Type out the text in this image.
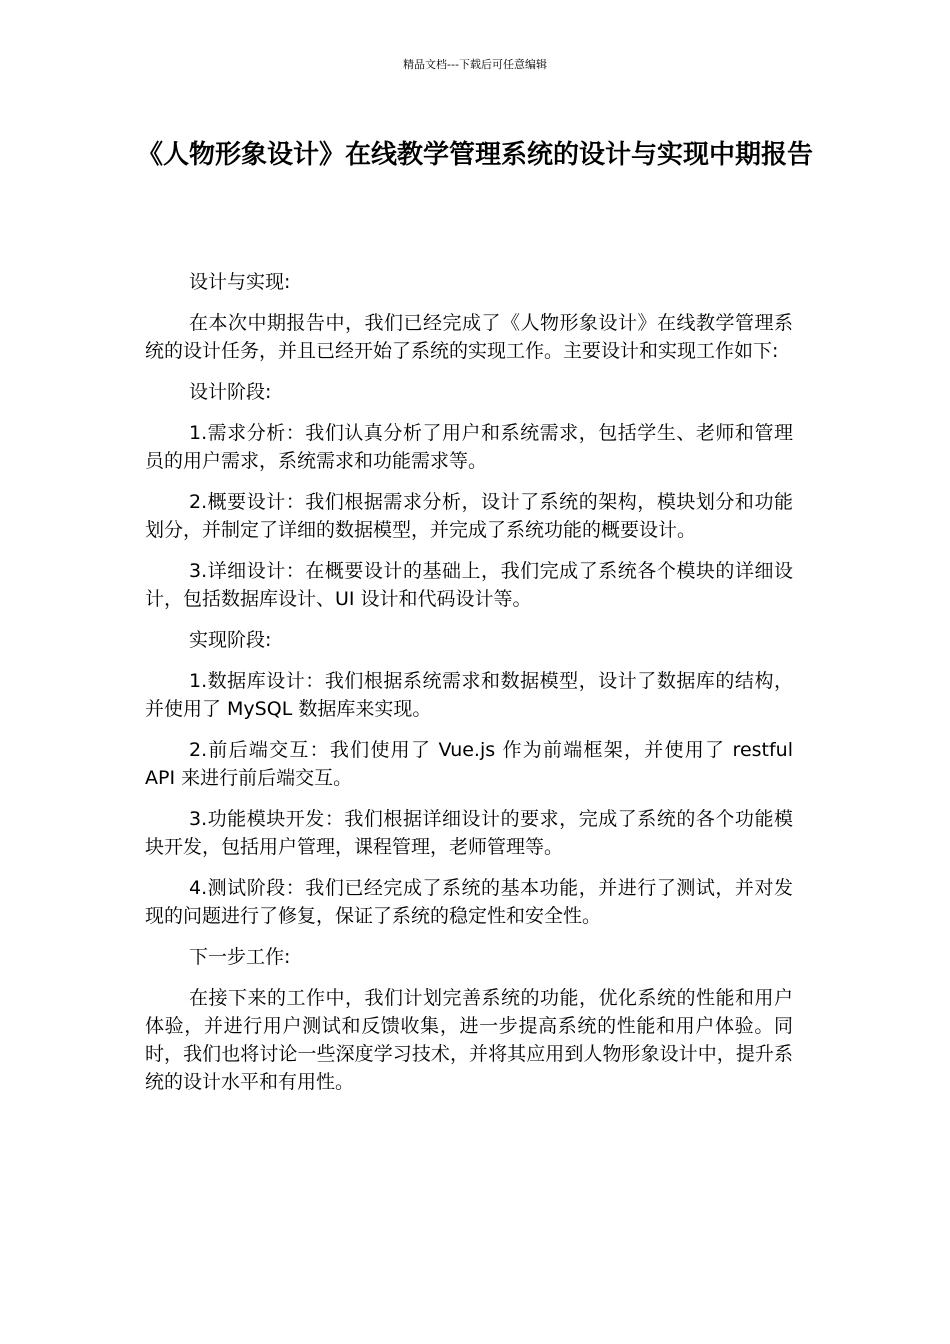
精品文档---下载后可任意编辑
《人物形象设计》在线教学管理系统的设计与实现中期报告

设计与实现:

在本次中期报告中，我们已经完成了《人物形象设计》在线教学管理系统的设计任务，并且已经开始了系统的实现工作。主要设计和实现工作如下:

设计阶段:

1.需求分析：我们认真分析了用户和系统需求，包括学生、老师和管理员的用户需求，系统需求和功能需求等。

2.概要设计：我们根据需求分析，设计了系统的架构，模块划分和功能划分，并制定了详细的数据模型，并完成了系统功能的概要设计。

3.详细设计：在概要设计的基础上，我们完成了系统各个模块的详细设计，包括数据库设计、UI 设计和代码设计等。

实现阶段:

1.数据库设计：我们根据系统需求和数据模型，设计了数据库的结构，并使用了 MySQL 数据库来实现。

2.前后端交互：我们使用了 Vue.js 作为前端框架，并使用了 restful API 来进行前后端交互。

3.功能模块开发：我们根据详细设计的要求，完成了系统的各个功能模块开发，包括用户管理，课程管理，老师管理等。

4.测试阶段：我们已经完成了系统的基本功能，并进行了测试，并对发现的问题进行了修复，保证了系统的稳定性和安全性。

下一步工作:

在接下来的工作中，我们计划完善系统的功能，优化系统的性能和用户体验，并进行用户测试和反馈收集，进一步提高系统的性能和用户体验。同时，我们也将讨论一些深度学习技术，并将其应用到人物形象设计中，提升系统的设计水平和有用性。
